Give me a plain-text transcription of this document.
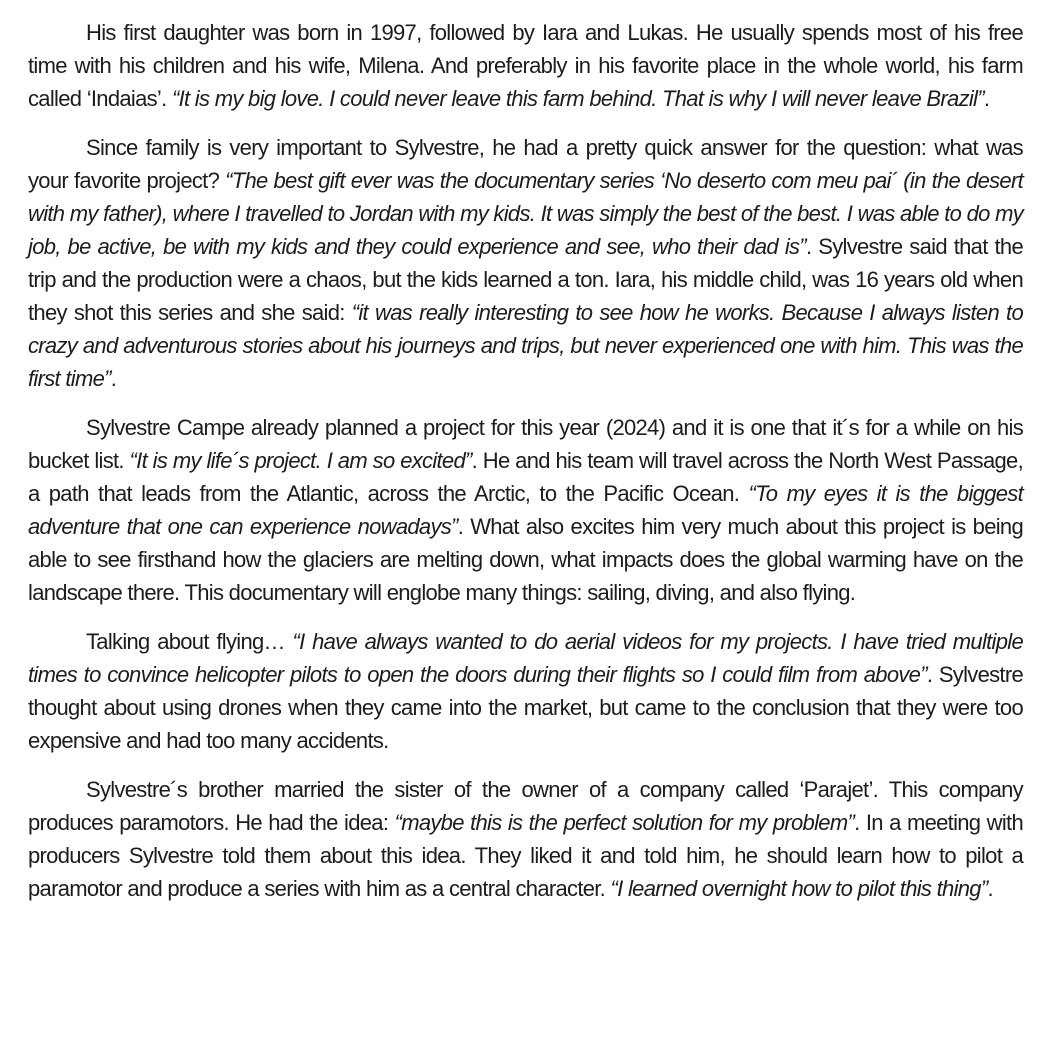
His first daughter was born in 1997, followed by Iara and Lukas. He usually spends most of his free time with his children and his wife, Milena. And preferably in his favorite place in the whole world, his farm called ‘Indaias’. “It is my big love. I could never leave this farm behind. That is why I will never leave Brazil”.

Since family is very important to Sylvestre, he had a pretty quick answer for the question: what was your favorite project? “The best gift ever was the documentary series ‘No deserto com meu pai´ (in the desert with my father), where I travelled to Jordan with my kids. It was simply the best of the best. I was able to do my job, be active, be with my kids and they could experience and see, who their dad is”. Sylvestre said that the trip and the production were a chaos, but the kids learned a ton. Iara, his middle child, was 16 years old when they shot this series and she said: “it was really interesting to see how he works. Because I always listen to crazy and adventurous stories about his journeys and trips, but never experienced one with him. This was the first time”.

Sylvestre Campe already planned a project for this year (2024) and it is one that it´s for a while on his bucket list. “It is my life´s project. I am so excited”. He and his team will travel across the North West Passage, a path that leads from the Atlantic, across the Arctic, to the Pacific Ocean. “To my eyes it is the biggest adventure that one can experience nowadays”. What also excites him very much about this project is being able to see firsthand how the glaciers are melting down, what impacts does the global warming have on the landscape there. This documentary will englobe many things: sailing, diving, and also flying.

Talking about flying… “I have always wanted to do aerial videos for my projects. I have tried multiple times to convince helicopter pilots to open the doors during their flights so I could film from above”. Sylvestre thought about using drones when they came into the market, but came to the conclusion that they were too expensive and had too many accidents.

Sylvestre´s brother married the sister of the owner of a company called ‘Parajet’. This company produces paramotors. He had the idea: “maybe this is the perfect solution for my problem”. In a meeting with producers Sylvestre told them about this idea. They liked it and told him, he should learn how to pilot a paramotor and produce a series with him as a central character. “I learned overnight how to pilot this thing”.
